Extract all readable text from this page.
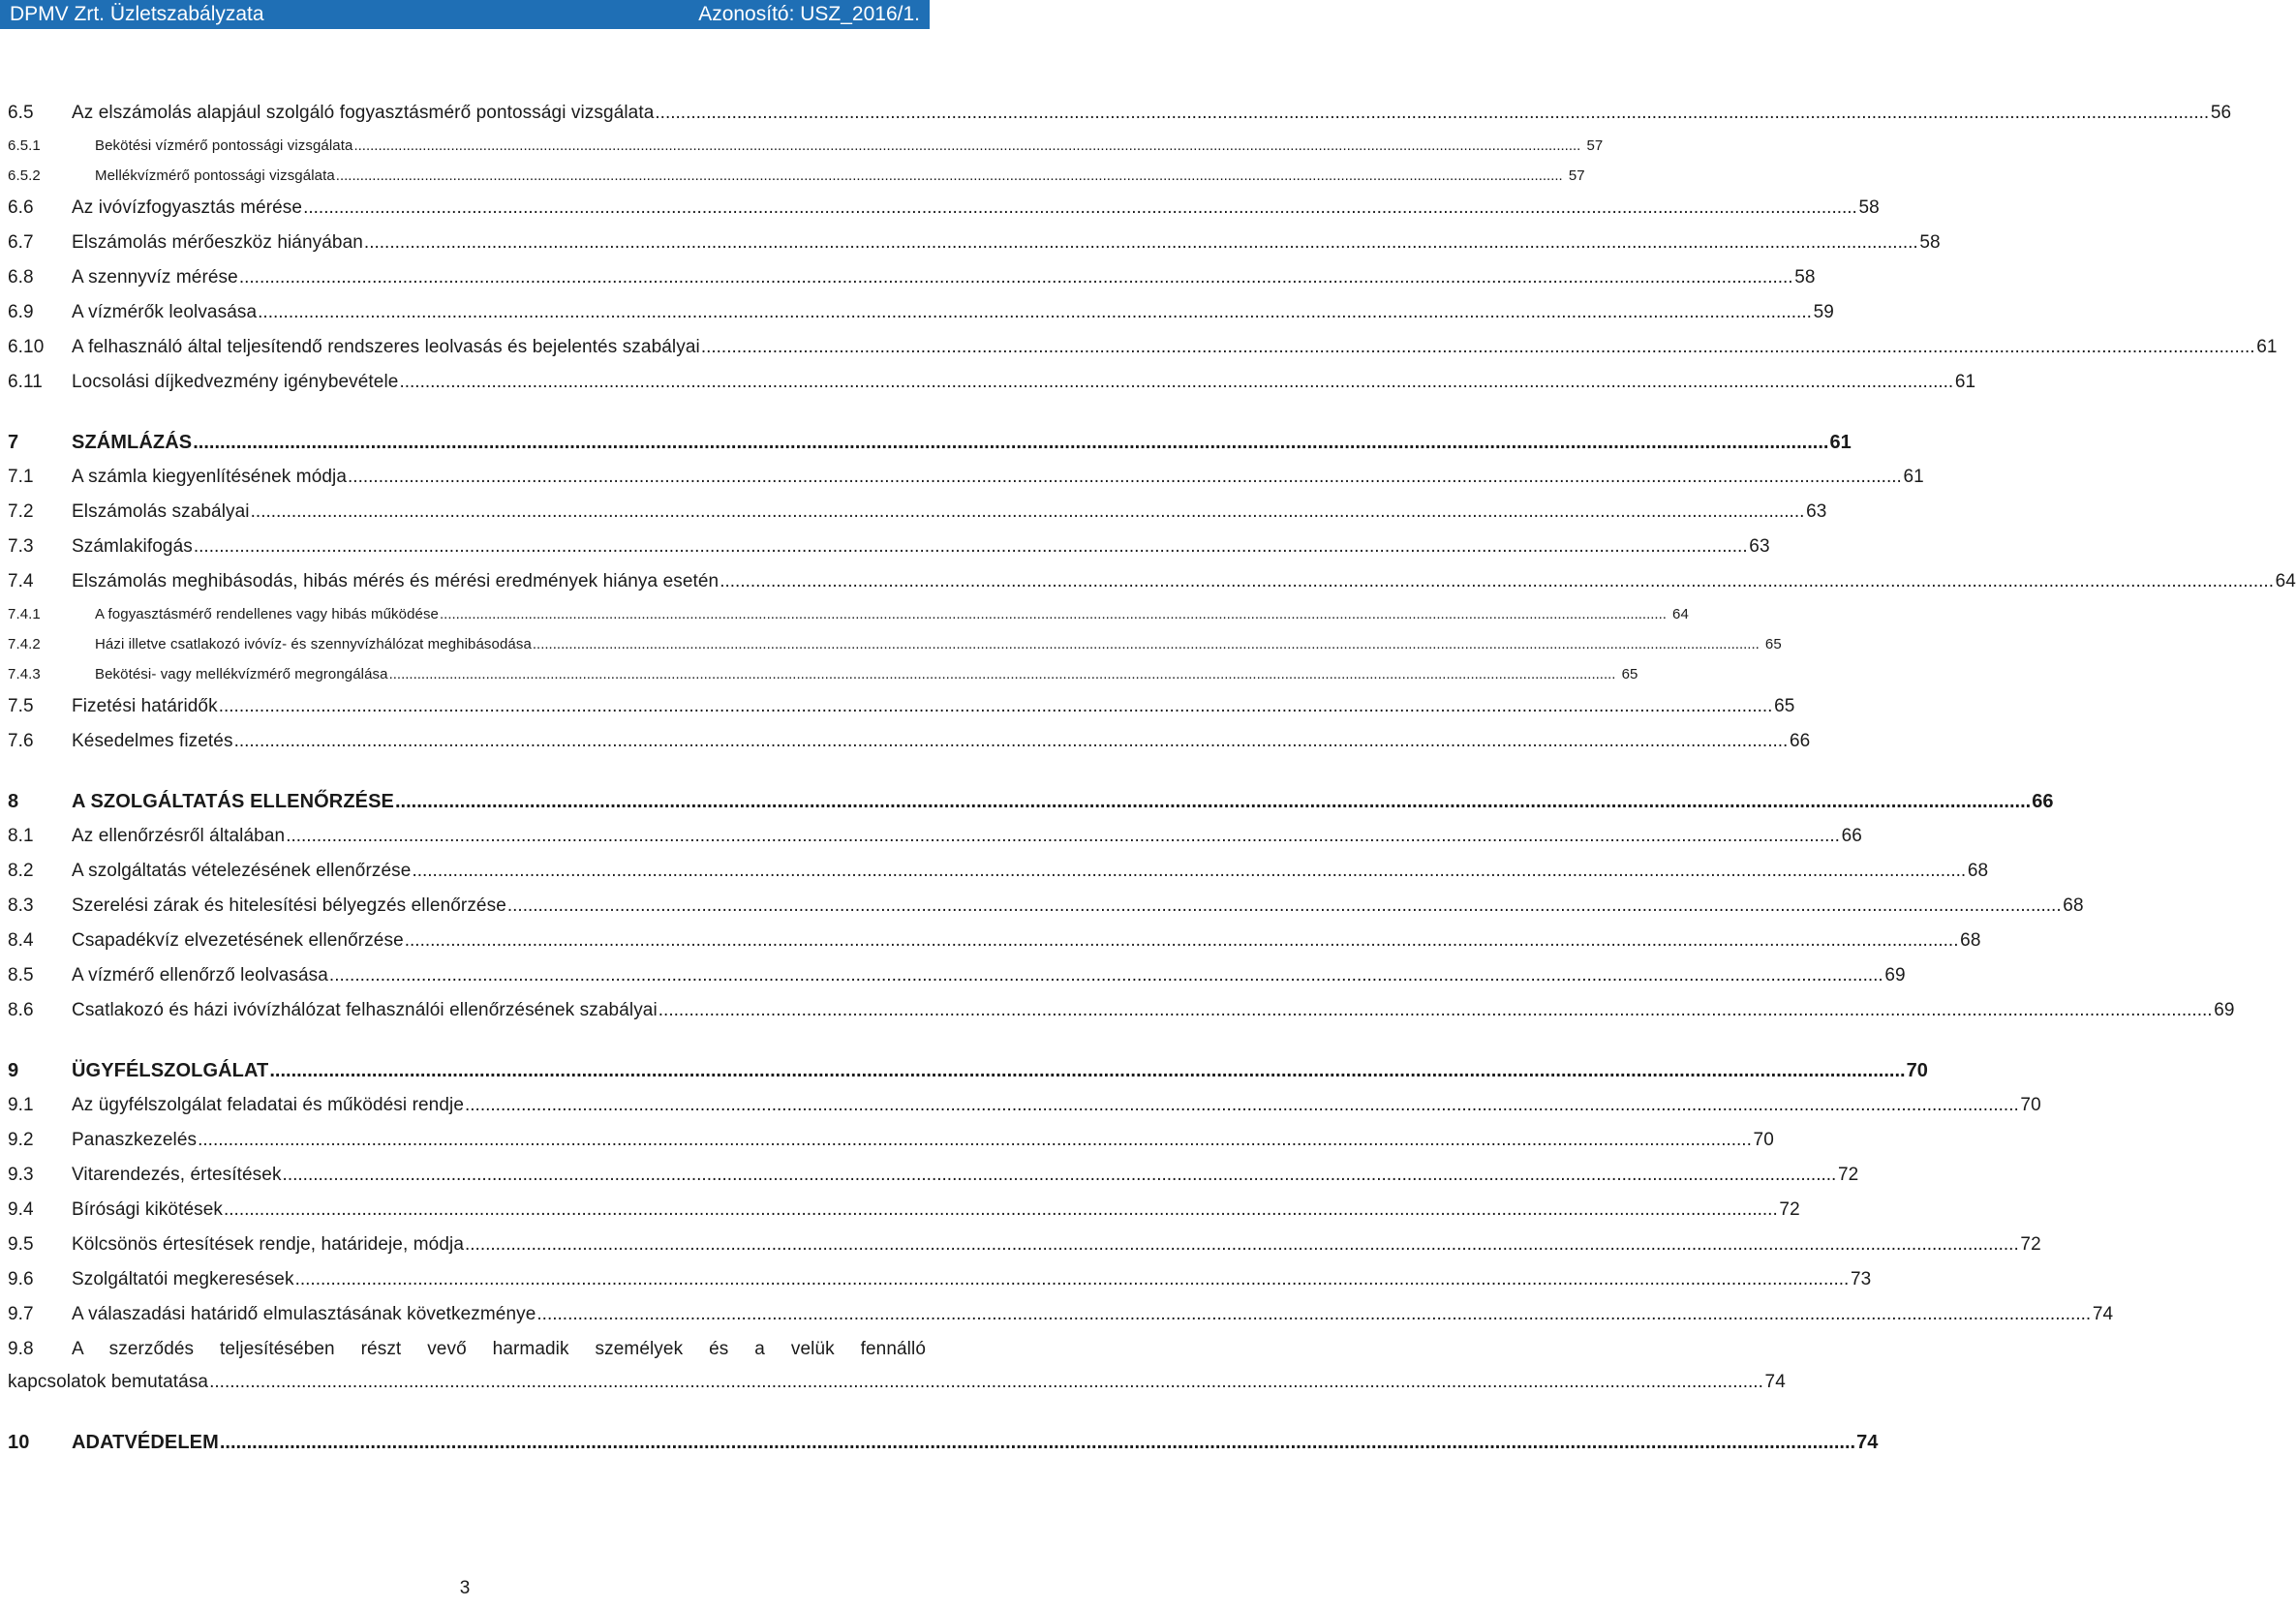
DPMV Zrt. Üzletszabályzata	Azonosító: USZ_2016/1.
6.5	Az elszámolás alapjául szolgáló fogyasztásmérő pontossági vizsgálata .....	56
6.5.1	Bekötési vízmérő pontossági vizsgálata .....	57
6.5.2	Mellékvízmérő pontossági vizsgálata .....	57
6.6	Az ivóvízfogyasztás mérése .....	58
6.7	Elszámolás mérőeszköz hiányában .....	58
6.8	A szennyvíz mérése .....	58
6.9	A vízmérők leolvasása .....	59
6.10	A felhasználó által teljesítendő rendszeres leolvasás és bejelentés szabályai .....	61
6.11	Locsolási díjkedvezmény igénybevétele .....	61
7	SZÁMLÁZÁS .....	61
7.1	A számla kiegyenlítésének módja .....	61
7.2	Elszámolás szabályai .....	63
7.3	Számlakifogás .....	63
7.4	Elszámolás meghibásodás, hibás mérés és mérési eredmények hiánya esetén .....	64
7.4.1	A fogyasztásmérő rendellenes vagy hibás működése .....	64
7.4.2	Házi illetve csatlakozó ivóvíz- és szennyvízhálózat meghibásodása .....	65
7.4.3	Bekötési- vagy mellékvízmérő megrongálása .....	65
7.5	Fizetési határidők .....	65
7.6	Késedelmes fizetés .....	66
8	A SZOLGÁLTATÁS ELLENŐRZÉSE .....	66
8.1	Az ellenőrzésről általában .....	66
8.2	A szolgáltatás vételezésének ellenőrzése .....	68
8.3	Szerelési zárak és hitelesítési bélyegzés ellenőrzése .....	68
8.4	Csapadékvíz elvezetésének ellenőrzése .....	68
8.5	A vízmérő ellenőrző leolvasása .....	69
8.6	Csatlakozó és házi ivóvízhálózat felhasználói ellenőrzésének szabályai .....	69
9	ÜGYFÉLSZOLGÁLAT .....	70
9.1	Az ügyfélszolgálat feladatai és működési rendje .....	70
9.2	Panaszkezelés .....	70
9.3	Vitarendezés, értesítések .....	72
9.4	Bírósági kikötések .....	72
9.5	Kölcsönös értesítések rendje, határideje, módja .....	72
9.6	Szolgáltatói megkeresések .....	73
9.7	A válaszadási határidő elmulasztásának következménye .....	74
9.8	A szerződés teljesítésében részt vevő harmadik személyek és a velük fennálló
kapcsolatok bemutatása .....	74
10	ADATVÉDELEM .....	74
3
